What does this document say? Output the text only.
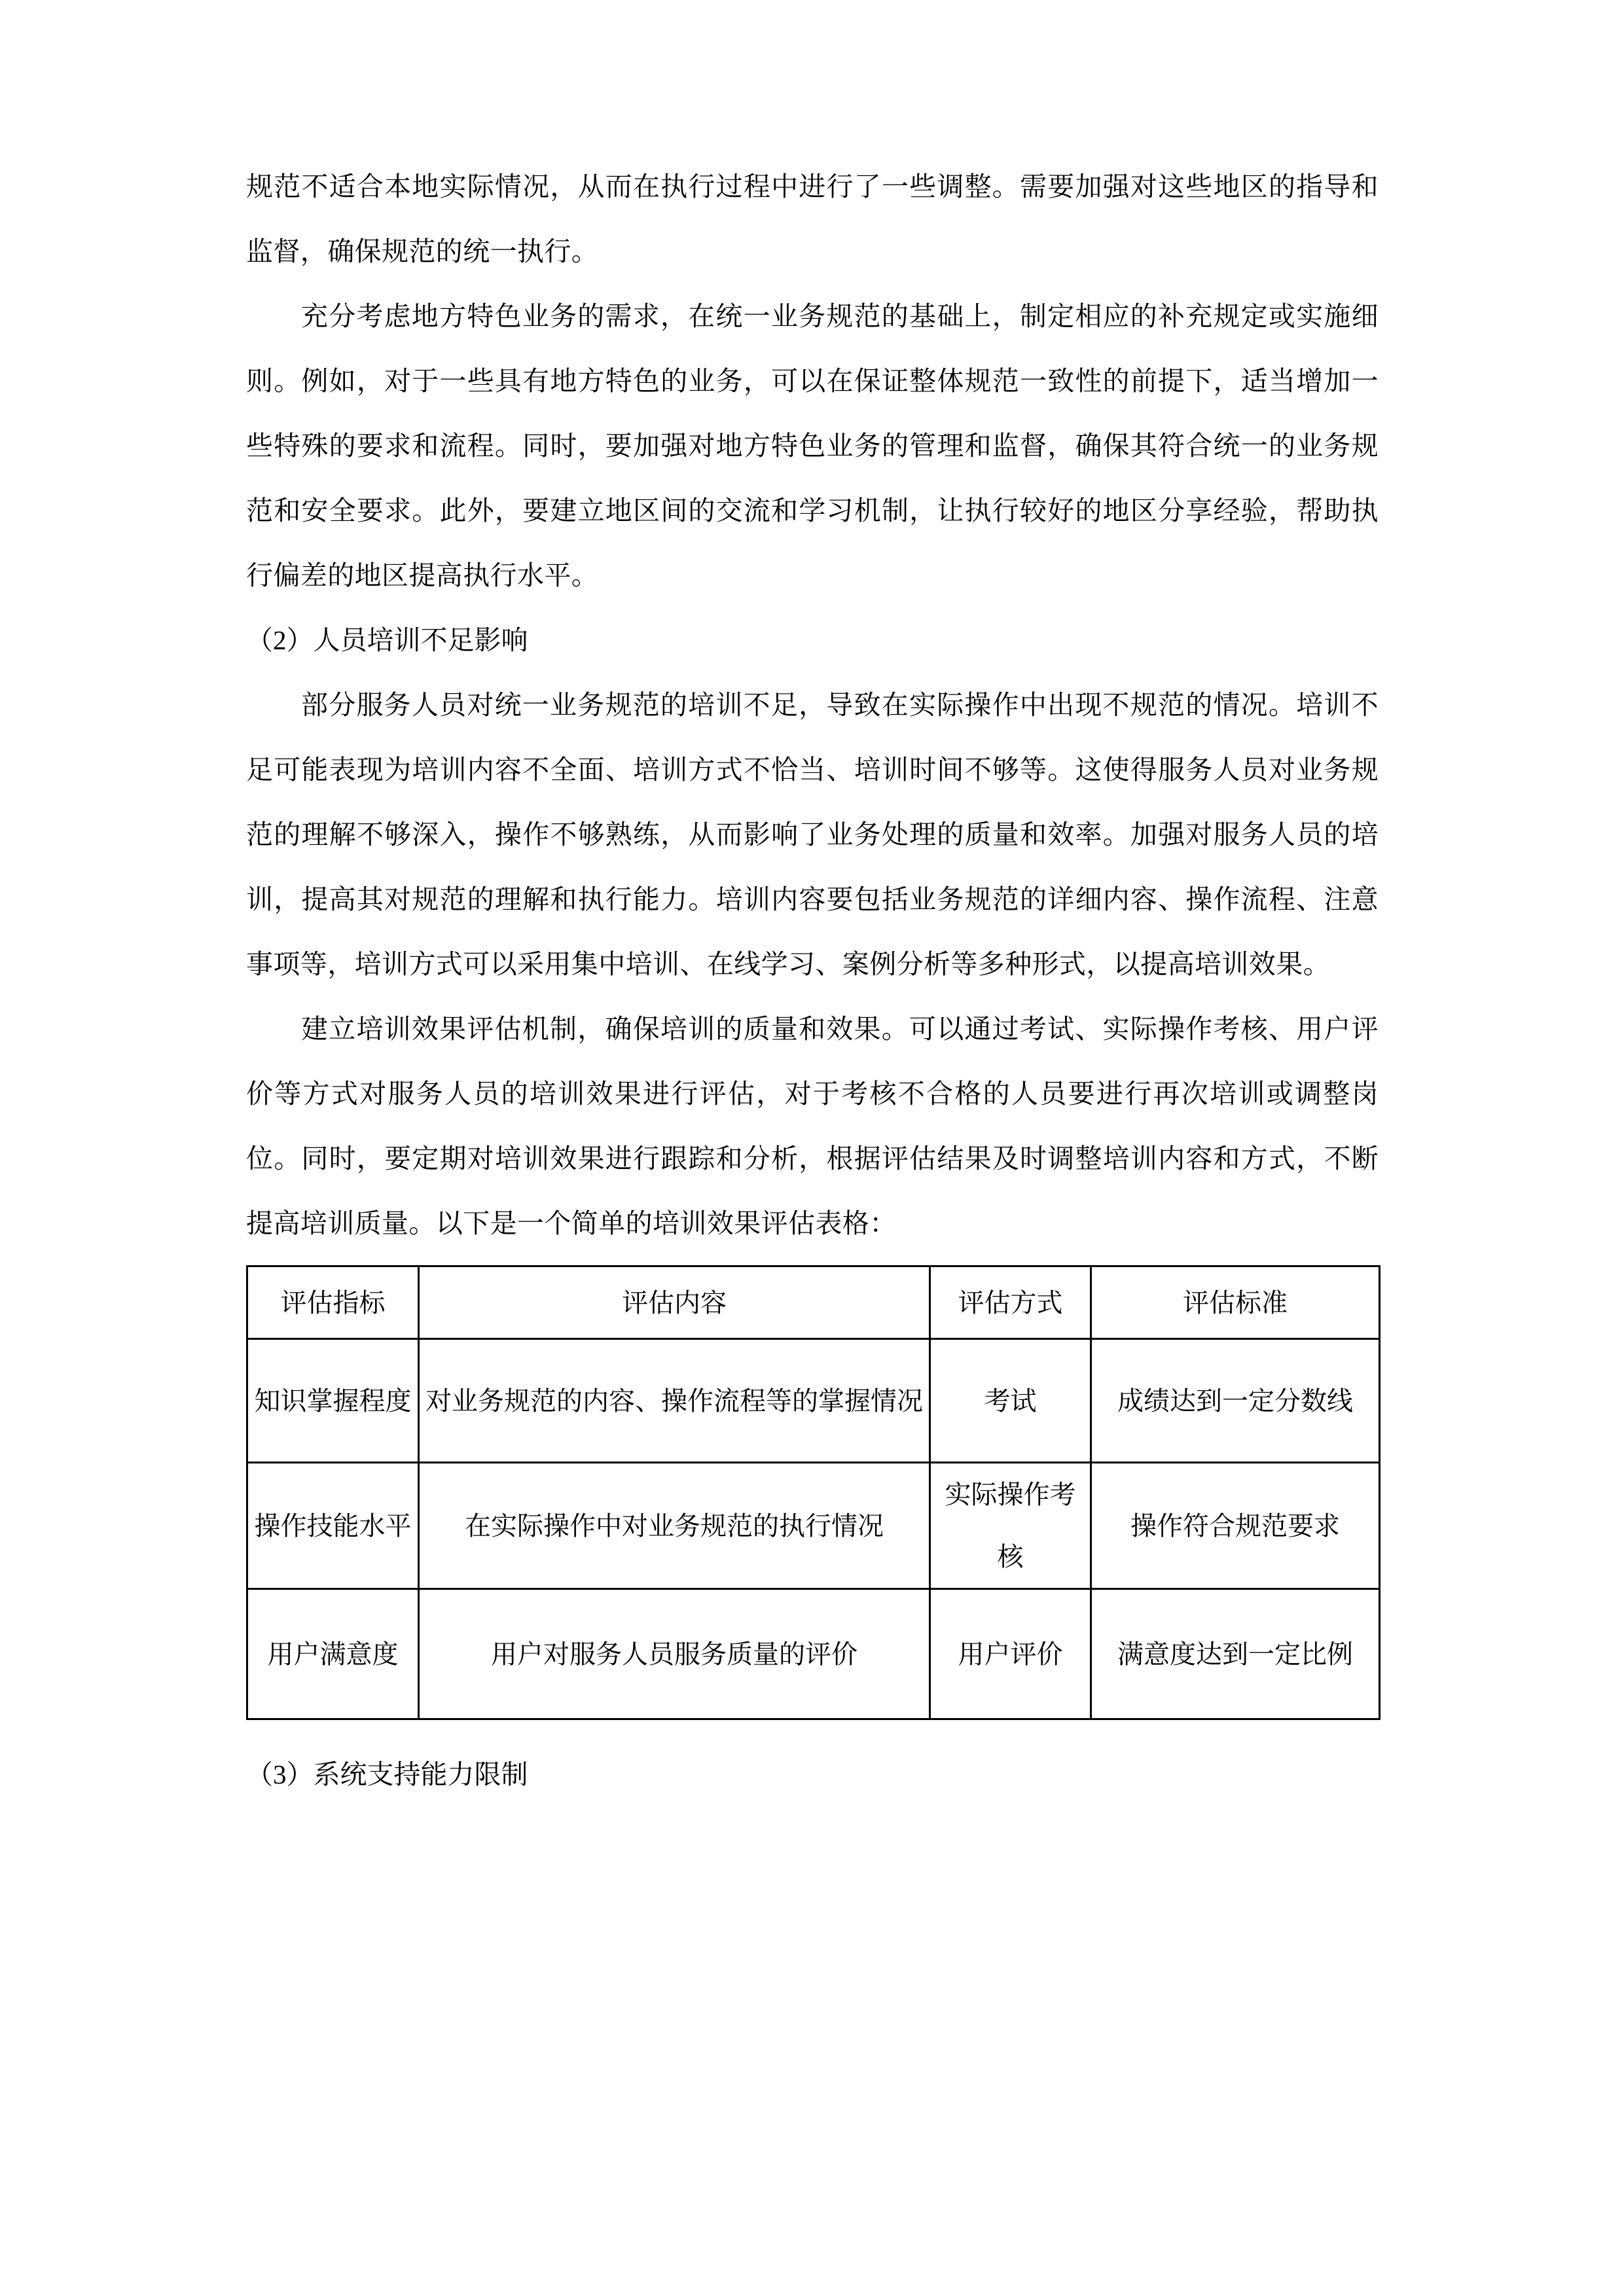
规范不适合本地实际情况，从而在执行过程中进行了一些调整。需要加强对这些地区的指导和监督，确保规范的统一执行。

充分考虑地方特色业务的需求，在统一业务规范的基础上，制定相应的补充规定或实施细则。例如，对于一些具有地方特色的业务，可以在保证整体规范一致性的前提下，适当增加一些特殊的要求和流程。同时，要加强对地方特色业务的管理和监督，确保其符合统一的业务规范和安全要求。此外，要建立地区间的交流和学习机制，让执行较好的地区分享经验，帮助执行偏差的地区提高执行水平。

（2）人员培训不足影响

部分服务人员对统一业务规范的培训不足，导致在实际操作中出现不规范的情况。培训不足可能表现为培训内容不全面、培训方式不恰当、培训时间不够等。这使得服务人员对业务规范的理解不够深入，操作不够熟练，从而影响了业务处理的质量和效率。加强对服务人员的培训，提高其对规范的理解和执行能力。培训内容要包括业务规范的详细内容、操作流程、注意事项等，培训方式可以采用集中培训、在线学习、案例分析等多种形式，以提高培训效果。

建立培训效果评估机制，确保培训的质量和效果。可以通过考试、实际操作考核、用户评价等方式对服务人员的培训效果进行评估，对于考核不合格的人员要进行再次培训或调整岗位。同时，要定期对培训效果进行跟踪和分析，根据评估结果及时调整培训内容和方式，不断提高培训质量。以下是一个简单的培训效果评估表格：

评估指标	评估内容	评估方式	评估标准
知识掌握程度	对业务规范的内容、操作流程等的掌握情况	考试	成绩达到一定分数线
操作技能水平	在实际操作中对业务规范的执行情况	实际操作考核	操作符合规范要求
用户满意度	用户对服务人员服务质量的评价	用户评价	满意度达到一定比例

（3）系统支持能力限制
